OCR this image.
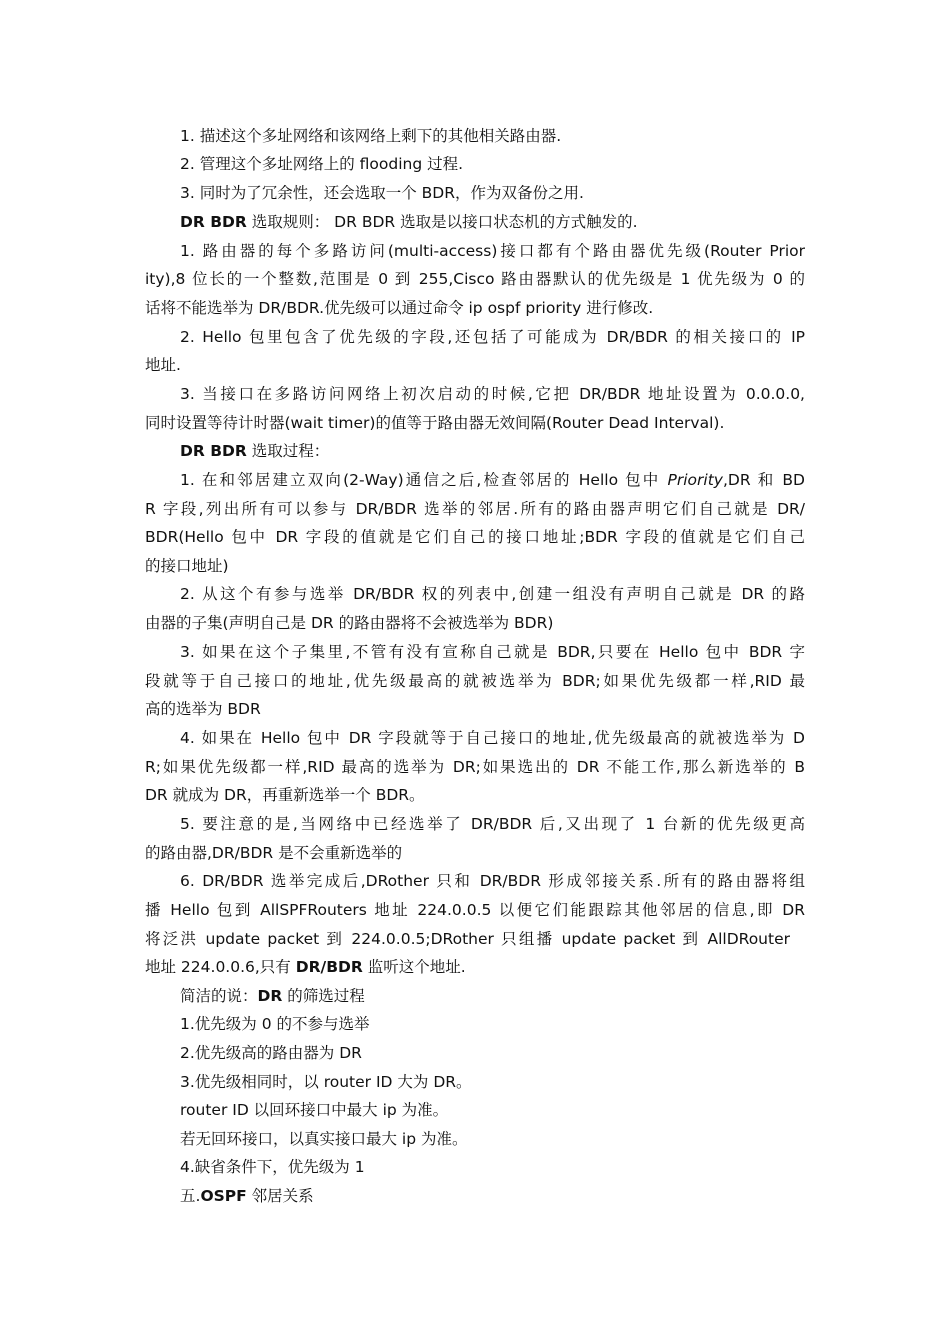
1. 描述这个多址网络和该网络上剩下的其他相关路由器.
2. 管理这个多址网络上的 flooding 过程.
3. 同时为了冗余性，还会选取一个 BDR，作为双备份之用.
DR BDR 选取规则： DR BDR 选取是以接口状态机的方式触发的.
1. 路由器的每个多路访问(multi-access)接口都有个路由器优先级(Router Prior
ity),8 位长的一个整数,范围是 0 到 255,Cisco 路由器默认的优先级是 1 优先级为 0 的
话将不能选举为 DR/BDR.优先级可以通过命令 ip ospf priority 进行修改.
2. Hello 包里包含了优先级的字段,还包括了可能成为 DR/BDR 的相关接口的 IP
地址.
3. 当接口在多路访问网络上初次启动的时候,它把 DR/BDR 地址设置为 0.0.0.0,
同时设置等待计时器(wait timer)的值等于路由器无效间隔(Router Dead Interval).
DR BDR 选取过程：
1. 在和邻居建立双向(2-Way)通信之后,检查邻居的 Hello 包中 Priority,DR 和 BD
R 字段,列出所有可以参与 DR/BDR 选举的邻居.所有的路由器声明它们自己就是 DR/
BDR(Hello 包中 DR 字段的值就是它们自己的接口地址;BDR 字段的值就是它们自己
的接口地址)
2. 从这个有参与选举 DR/BDR 权的列表中,创建一组没有声明自己就是 DR 的路
由器的子集(声明自己是 DR 的路由器将不会被选举为 BDR)
3. 如果在这个子集里,不管有没有宣称自己就是 BDR,只要在 Hello 包中 BDR 字
段就等于自己接口的地址,优先级最高的就被选举为 BDR;如果优先级都一样,RID 最
高的选举为 BDR
4. 如果在 Hello 包中 DR 字段就等于自己接口的地址,优先级最高的就被选举为 D
R;如果优先级都一样,RID 最高的选举为 DR;如果选出的 DR 不能工作,那么新选举的 B
DR 就成为 DR，再重新选举一个 BDR。
5. 要注意的是,当网络中已经选举了 DR/BDR 后,又出现了 1 台新的优先级更高
的路由器,DR/BDR 是不会重新选举的
6. DR/BDR 选举完成后,DRother 只和 DR/BDR 形成邻接关系.所有的路由器将组
播 Hello 包到 AllSPFRouters 地址 224.0.0.5 以便它们能跟踪其他邻居的信息,即 DR
将泛洪 update packet 到 224.0.0.5;DRother 只组播 update packet 到 AllDRouter
地址 224.0.0.6,只有 DR/BDR 监听这个地址.
简洁的说：DR 的筛选过程
1.优先级为 0 的不参与选举
2.优先级高的路由器为 DR
3.优先级相同时，以 router ID 大为 DR。
router ID 以回环接口中最大 ip 为准。
若无回环接口，以真实接口最大 ip 为准。
4.缺省条件下，优先级为 1
五.OSPF 邻居关系
